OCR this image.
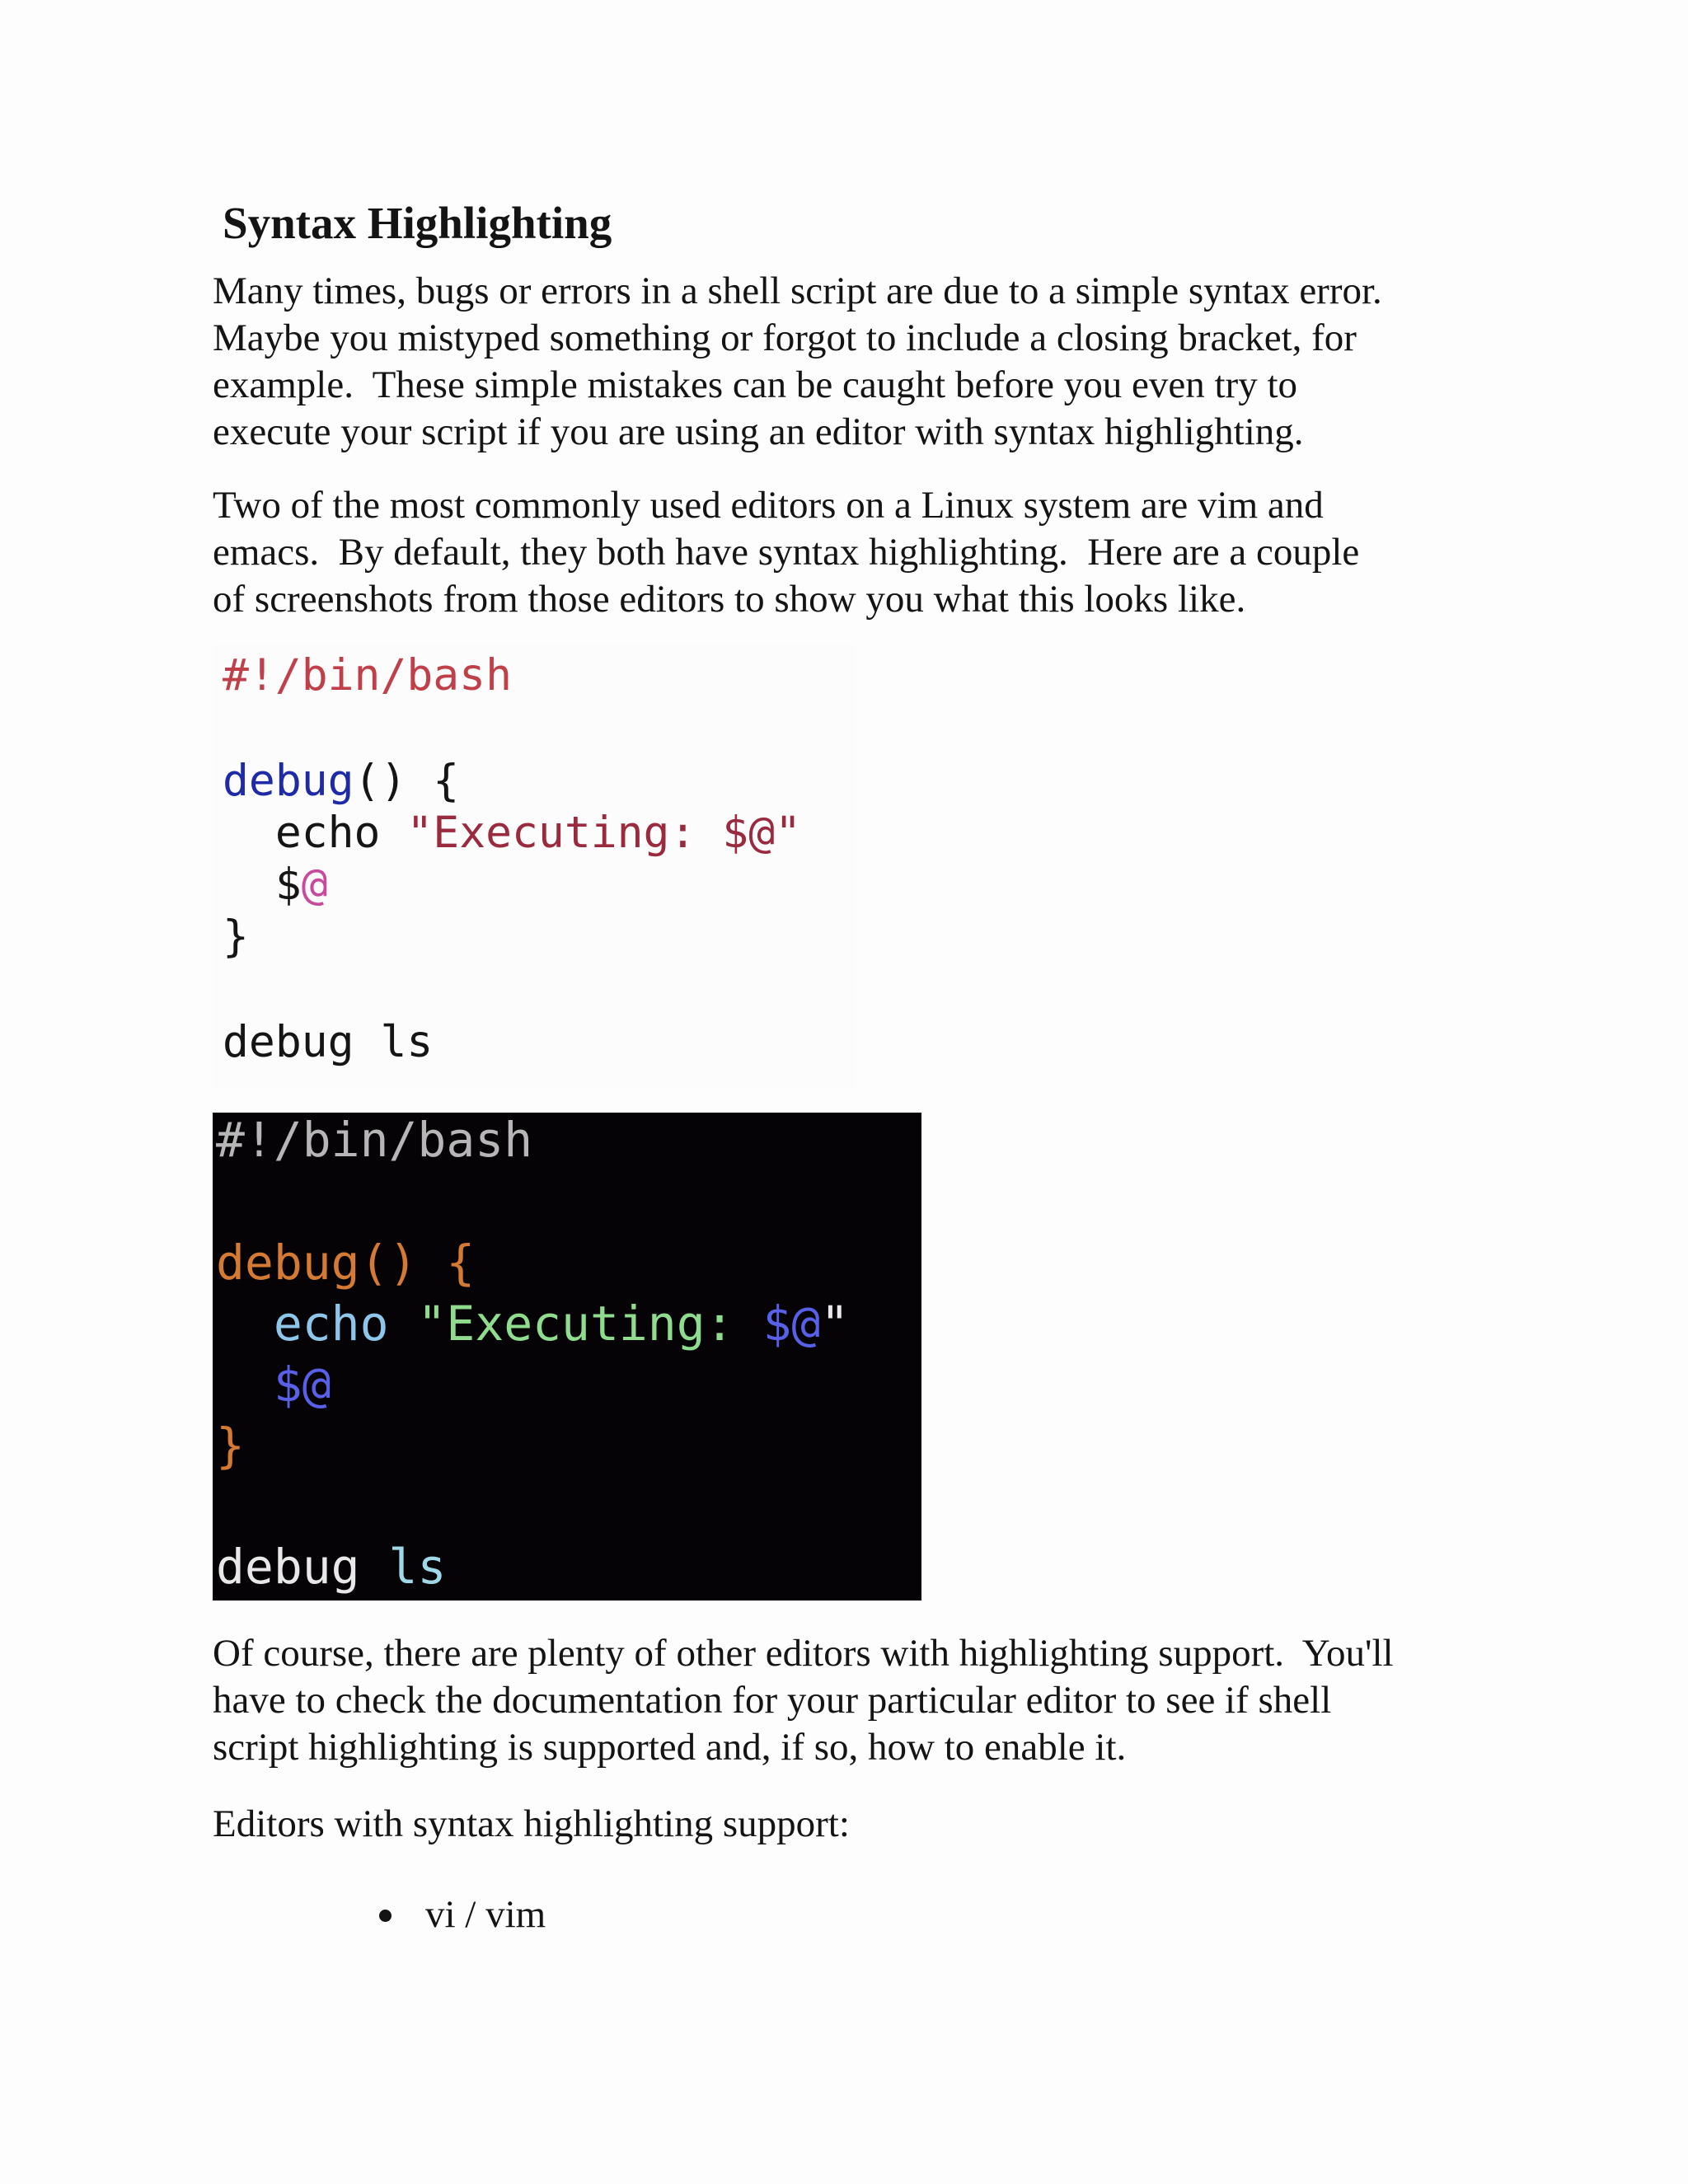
Syntax Highlighting

Many times, bugs or errors in a shell script are due to a simple syntax error.
Maybe you mistyped something or forgot to include a closing bracket, for
example.  These simple mistakes can be caught before you even try to
execute your script if you are using an editor with syntax highlighting.

Two of the most commonly used editors on a Linux system are vim and
emacs.  By default, they both have syntax highlighting.  Here are a couple
of screenshots from those editors to show you what this looks like.

#!/bin/bash
debug() {
echo "Executing: $@"
$@
}
debug ls
#!/bin/bash
debug() {
echo "Executing: $@"
$@
}
debug ls

Of course, there are plenty of other editors with highlighting support.  You'll
have to check the documentation for your particular editor to see if shell
script highlighting is supported and, if so, how to enable it.

Editors with syntax highlighting support:

vi / vim
